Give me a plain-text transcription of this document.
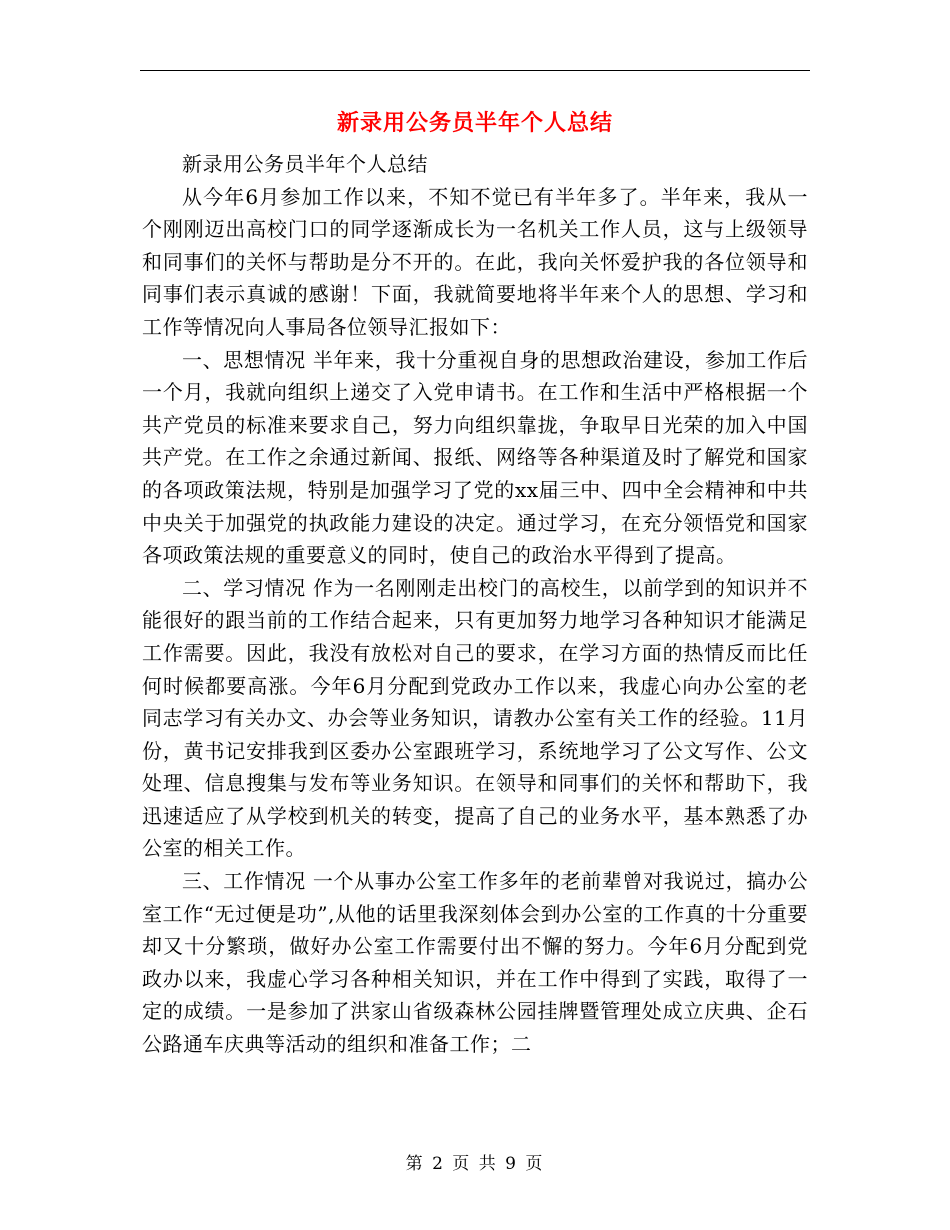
新录用公务员半年个人总结

新录用公务员半年个人总结

从今年6月参加工作以来，不知不觉已有半年多了。半年来，我从一个刚刚迈出高校门口的同学逐渐成长为一名机关工作人员，这与上级领导和同事们的关怀与帮助是分不开的。在此，我向关怀爱护我的各位领导和同事们表示真诚的感谢！下面，我就简要地将半年来个人的思想、学习和工作等情况向人事局各位领导汇报如下：

一、思想情况 半年来，我十分重视自身的思想政治建设，参加工作后一个月，我就向组织上递交了入党申请书。在工作和生活中严格根据一个共产党员的标准来要求自己，努力向组织靠拢，争取早日光荣的加入中国共产党。在工作之余通过新闻、报纸、网络等各种渠道及时了解党和国家的各项政策法规，特别是加强学习了党的xx届三中、四中全会精神和中共中央关于加强党的执政能力建设的决定。通过学习，在充分领悟党和国家各项政策法规的重要意义的同时，使自己的政治水平得到了提高。

二、学习情况 作为一名刚刚走出校门的高校生，以前学到的知识并不能很好的跟当前的工作结合起来，只有更加努力地学习各种知识才能满足工作需要。因此，我没有放松对自己的要求，在学习方面的热情反而比任何时候都要高涨。今年6月分配到党政办工作以来，我虚心向办公室的老同志学习有关办文、办会等业务知识，请教办公室有关工作的经验。11月份，黄书记安排我到区委办公室跟班学习，系统地学习了公文写作、公文处理、信息搜集与发布等业务知识。在领导和同事们的关怀和帮助下，我迅速适应了从学校到机关的转变，提高了自己的业务水平，基本熟悉了办公室的相关工作。

三、工作情况 一个从事办公室工作多年的老前辈曾对我说过，搞办公室工作“无过便是功”,从他的话里我深刻体会到办公室的工作真的十分重要却又十分繁琐，做好办公室工作需要付出不懈的努力。今年6月分配到党政办以来，我虚心学习各种相关知识，并在工作中得到了实践，取得了一定的成绩。一是参加了洪家山省级森林公园挂牌暨管理处成立庆典、企石公路通车庆典等活动的组织和准备工作；二

第 2 页 共 9 页
